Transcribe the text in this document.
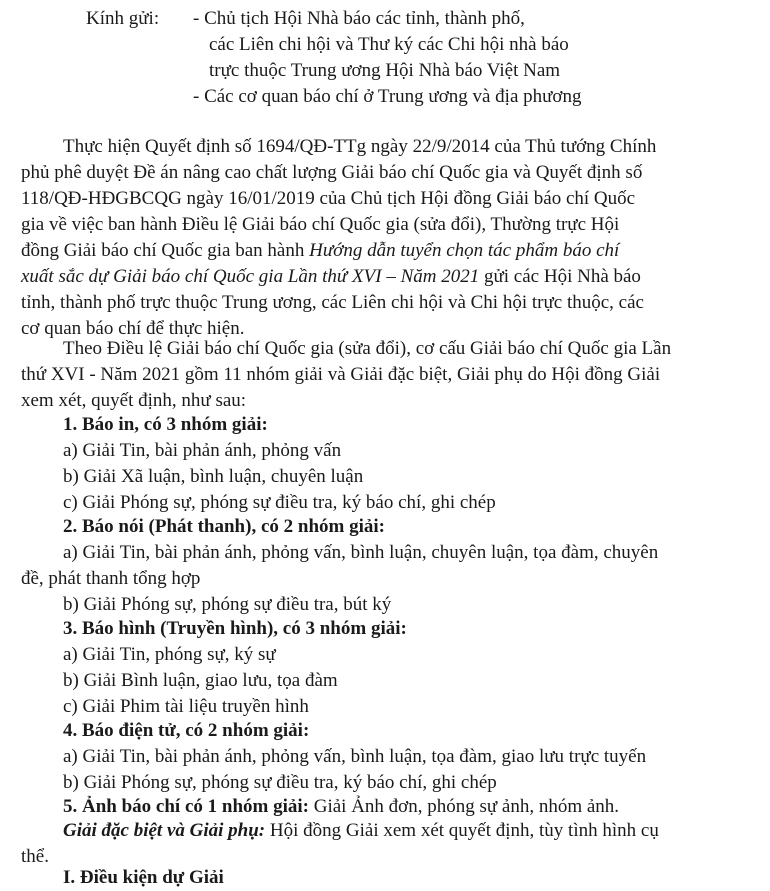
Kính gửi: - Chủ tịch Hội Nhà báo các tỉnh, thành phố,
các Liên chi hội và Thư ký các Chi hội nhà báo
trực thuộc Trung ương Hội Nhà báo Việt Nam
- Các cơ quan báo chí ở Trung ương và địa phương
Thực hiện Quyết định số 1694/QĐ-TTg ngày 22/9/2014 của Thủ tướng Chính
phủ phê duyệt Đề án nâng cao chất lượng Giải báo chí Quốc gia và Quyết định số
118/QĐ-HĐGBCQG ngày 16/01/2019 của Chủ tịch Hội đồng Giải báo chí Quốc
gia về việc ban hành Điều lệ Giải báo chí Quốc gia (sửa đổi), Thường trực Hội
đồng Giải báo chí Quốc gia ban hành Hướng dẫn tuyển chọn tác phẩm báo chí
xuất sắc dự Giải báo chí Quốc gia Lần thứ XVI – Năm 2021 gửi các Hội Nhà báo
tỉnh, thành phố trực thuộc Trung ương, các Liên chi hội và Chi hội trực thuộc, các
cơ quan báo chí để thực hiện.
Theo Điều lệ Giải báo chí Quốc gia (sửa đổi), cơ cấu Giải báo chí Quốc gia Lần
thứ XVI - Năm 2021 gồm 11 nhóm giải và Giải đặc biệt, Giải phụ do Hội đồng Giải
xem xét, quyết định, như sau:
1. Báo in, có 3 nhóm giải:
a) Giải Tin, bài phản ánh, phỏng vấn
b) Giải Xã luận, bình luận, chuyên luận
c) Giải Phóng sự, phóng sự điều tra, ký báo chí, ghi chép
2. Báo nói (Phát thanh), có 2 nhóm giải:
a) Giải Tin, bài phản ánh, phỏng vấn, bình luận, chuyên luận, tọa đàm, chuyên
đề, phát thanh tổng hợp
b) Giải Phóng sự, phóng sự điều tra, bút ký
3. Báo hình (Truyền hình), có 3 nhóm giải:
a) Giải Tin, phóng sự, ký sự
b) Giải Bình luận, giao lưu, tọa đàm
c) Giải Phim tài liệu truyền hình
4. Báo điện tử, có 2 nhóm giải:
a) Giải Tin, bài phản ánh, phỏng vấn, bình luận, tọa đàm, giao lưu trực tuyến
b) Giải Phóng sự, phóng sự điều tra, ký báo chí, ghi chép
5. Ảnh báo chí có 1 nhóm giải: Giải Ảnh đơn, phóng sự ảnh, nhóm ảnh.
Giải đặc biệt và Giải phụ: Hội đồng Giải xem xét quyết định, tùy tình hình cụ
thể.
I. Điều kiện dự Giải
